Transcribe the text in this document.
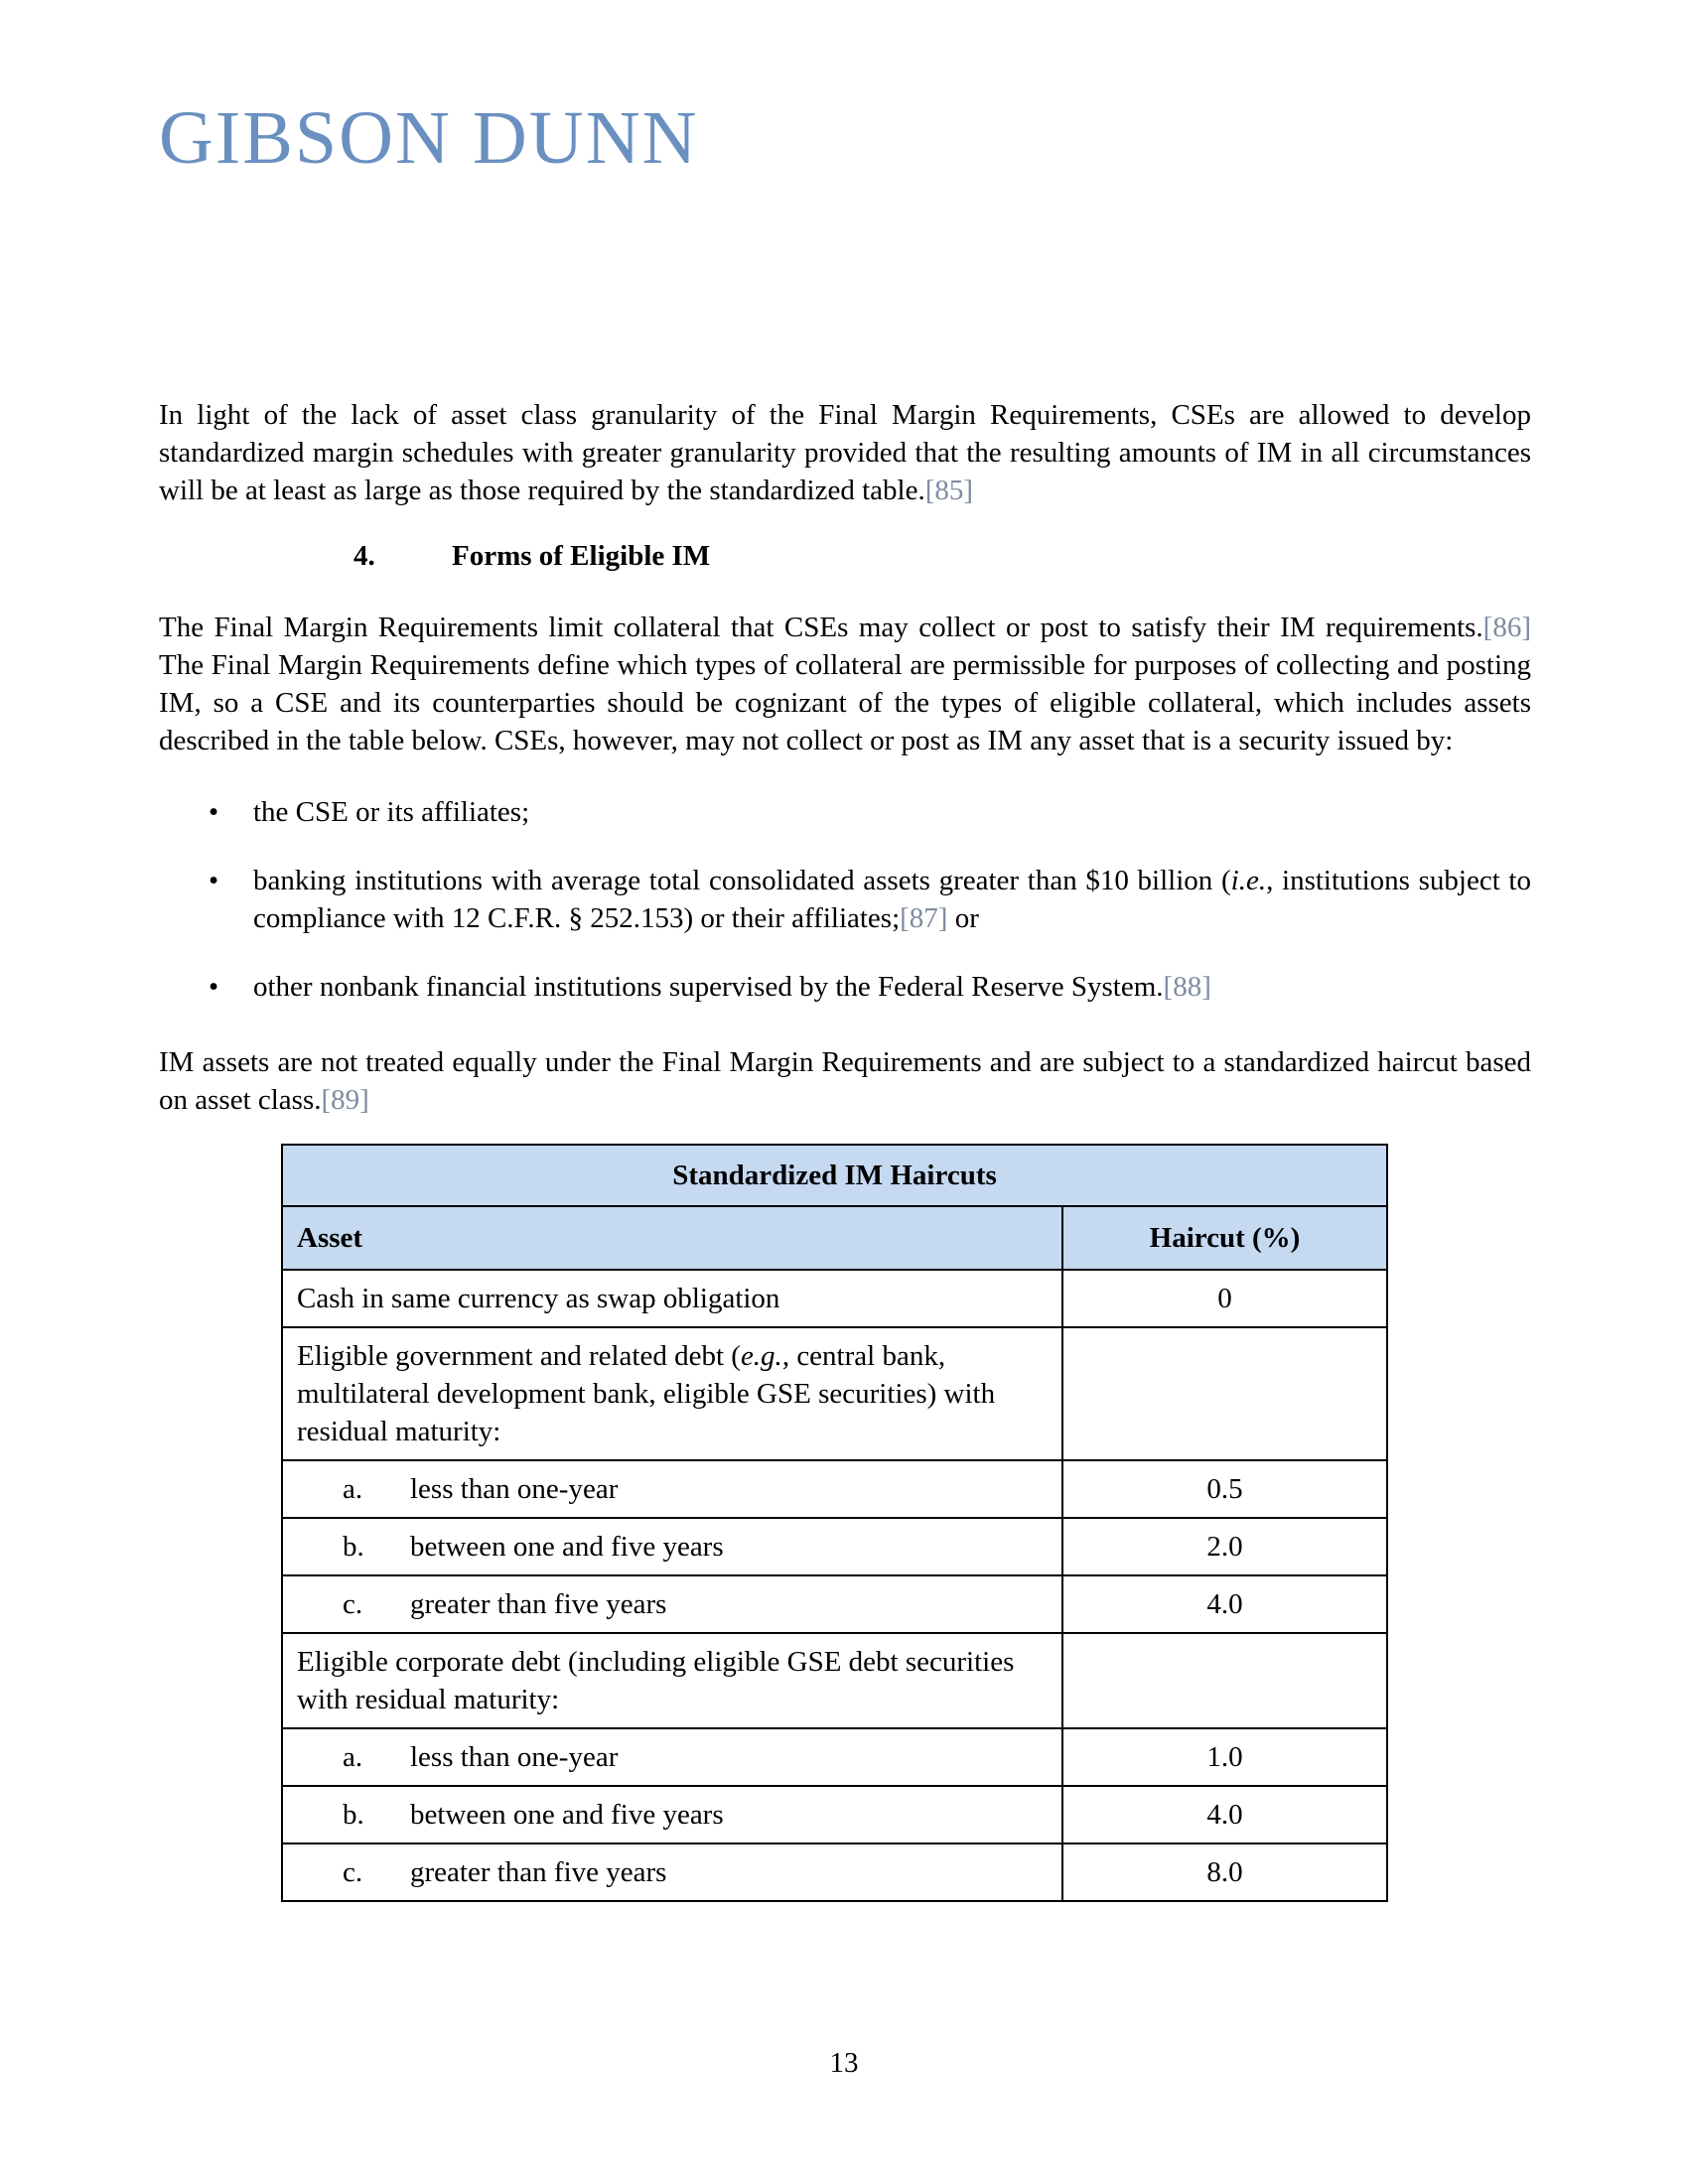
GIBSON DUNN

In light of the lack of asset class granularity of the Final Margin Requirements, CSEs are allowed to develop standardized margin schedules with greater granularity provided that the resulting amounts of IM in all circumstances will be at least as large as those required by the standardized table.[85]

4.	Forms of Eligible IM

The Final Margin Requirements limit collateral that CSEs may collect or post to satisfy their IM requirements.[86] The Final Margin Requirements define which types of collateral are permissible for purposes of collecting and posting IM, so a CSE and its counterparties should be cognizant of the types of eligible collateral, which includes assets described in the table below. CSEs, however, may not collect or post as IM any asset that is a security issued by:

•	the CSE or its affiliates;
•	banking institutions with average total consolidated assets greater than $10 billion (i.e., institutions subject to compliance with 12 C.F.R. § 252.153) or their affiliates;[87] or
•	other nonbank financial institutions supervised by the Federal Reserve System.[88]

IM assets are not treated equally under the Final Margin Requirements and are subject to a standardized haircut based on asset class.[89]

Standardized IM Haircuts	
Asset	Haircut (%)
Cash in same currency as swap obligation	0
Eligible government and related debt (e.g., central bank, multilateral development bank, eligible GSE securities) with residual maturity:	
a. less than one-year	0.5
b. between one and five years	2.0
c. greater than five years	4.0
Eligible corporate debt (including eligible GSE debt securities with residual maturity:	
a. less than one-year	1.0
b. between one and five years	4.0
c. greater than five years	8.0
13
